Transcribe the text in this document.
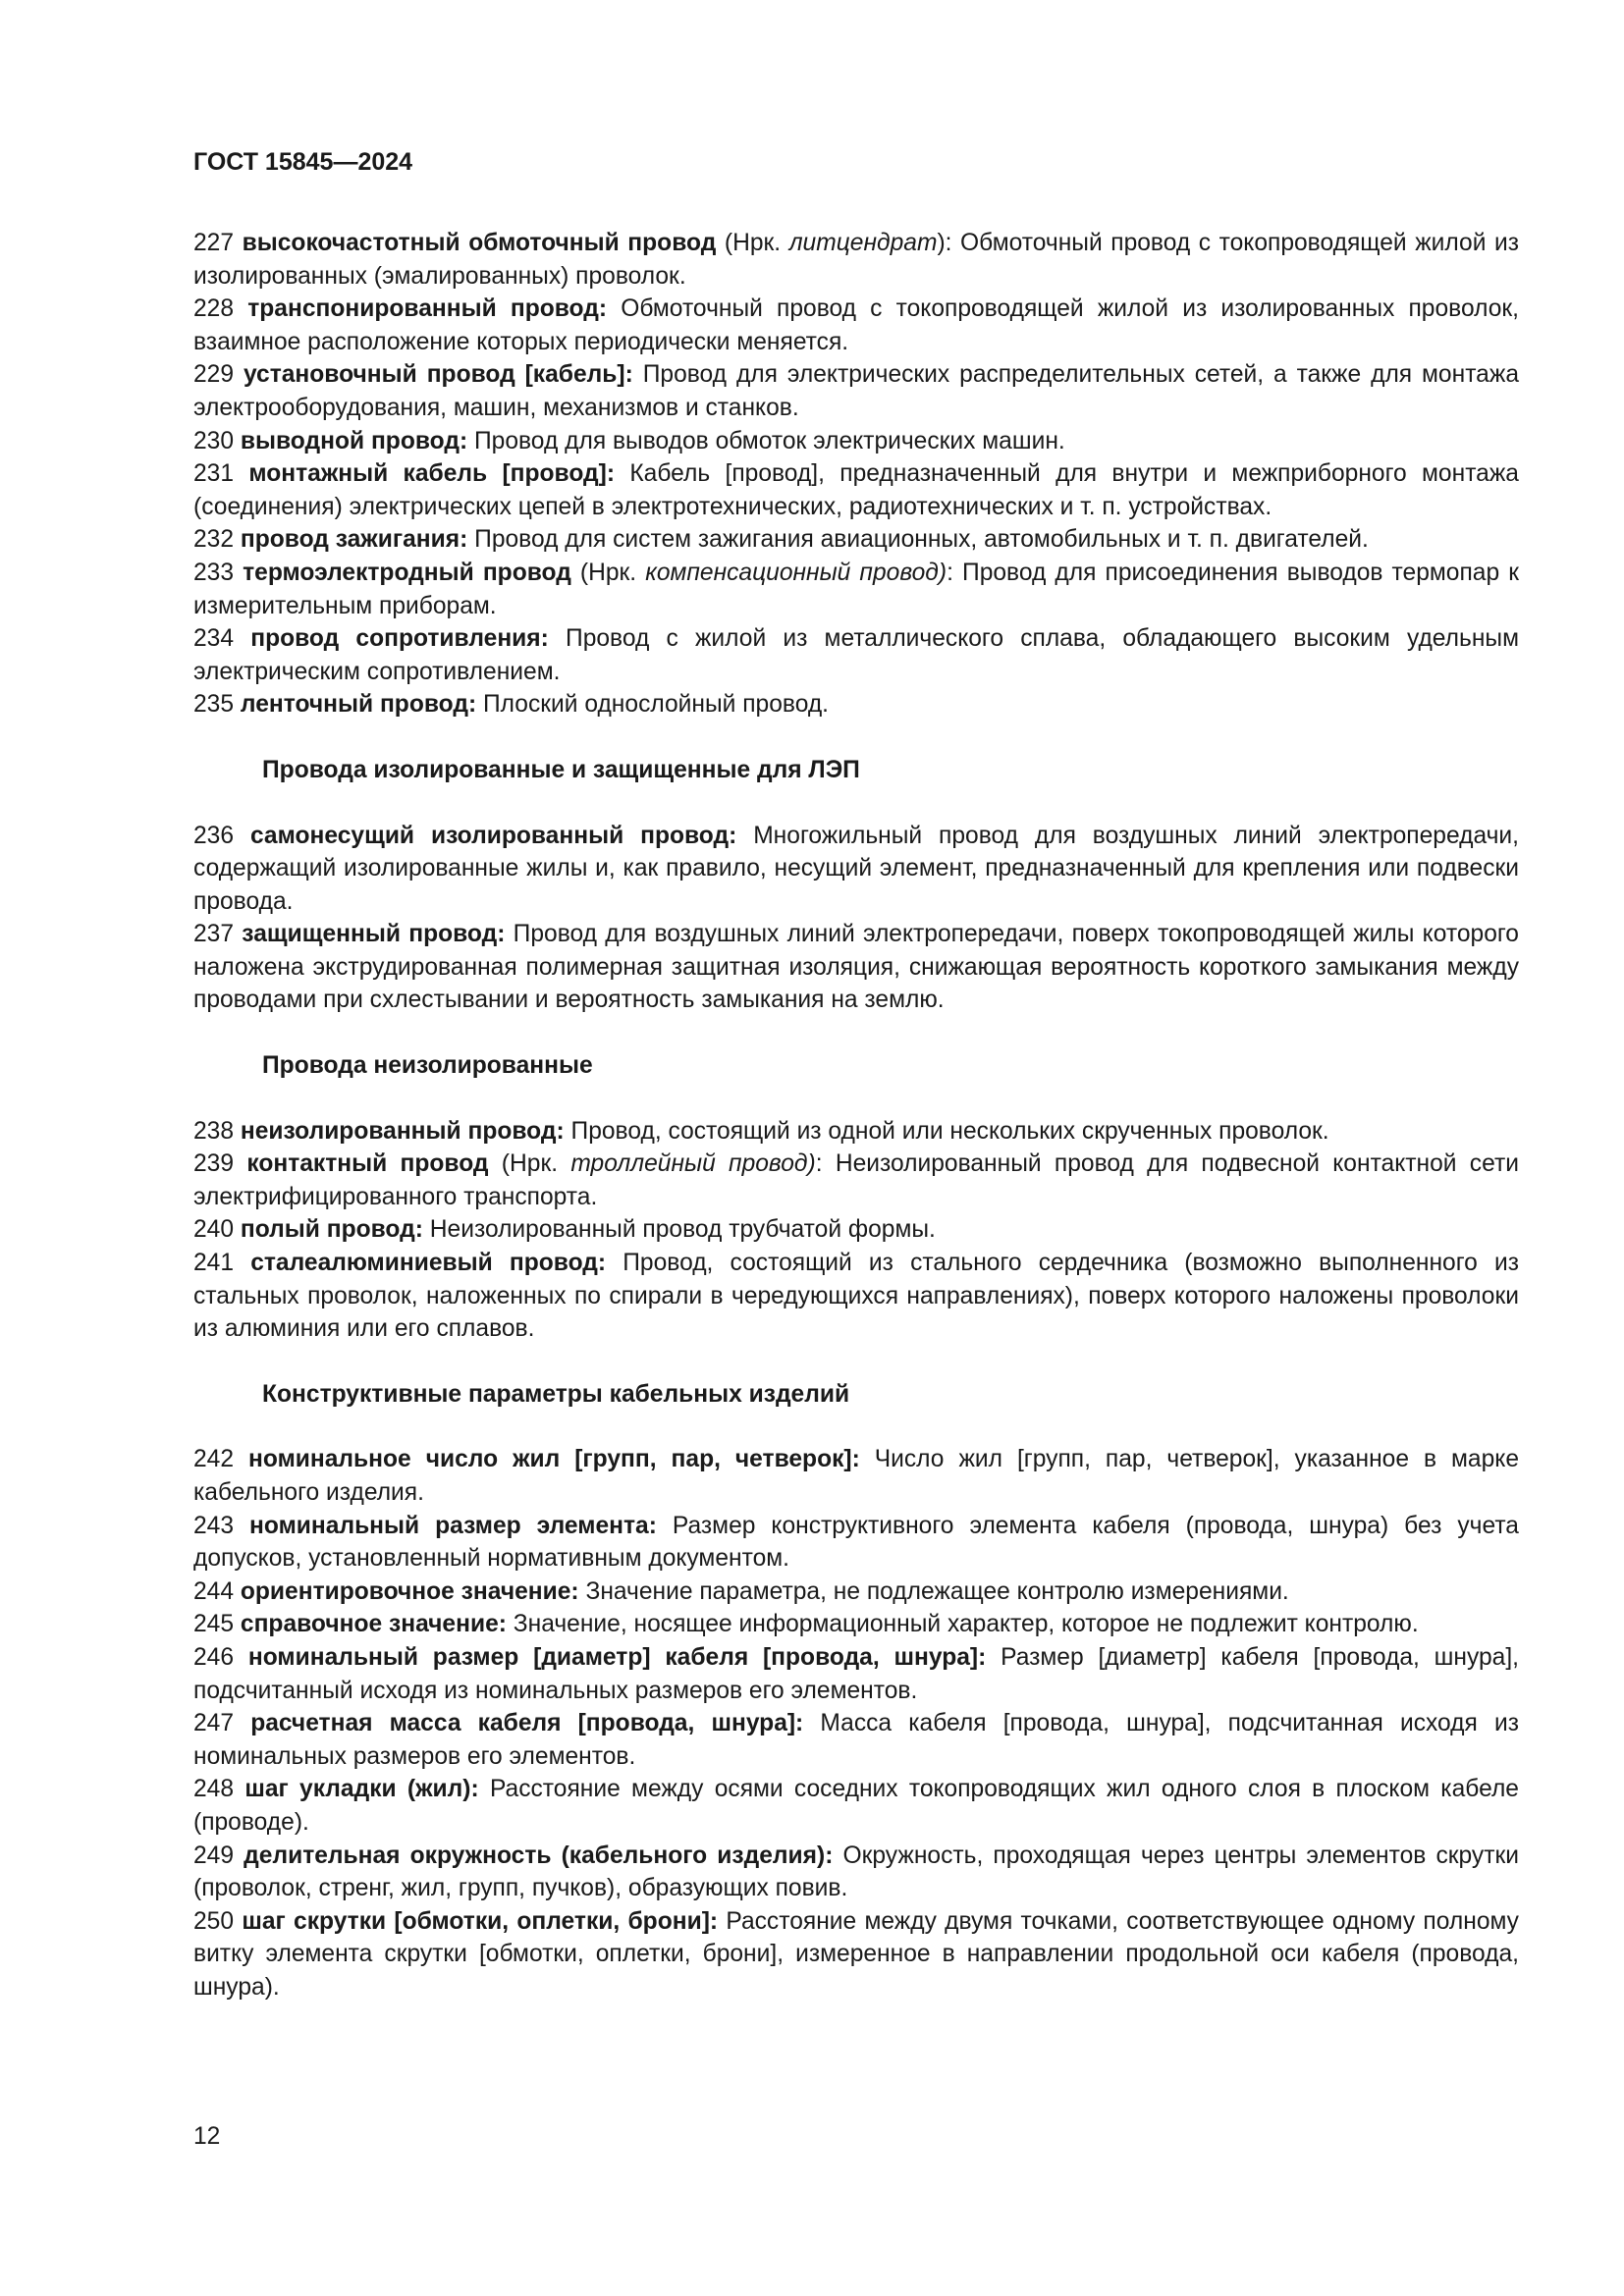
ГОСТ 15845—2024

227 высокочастотный обмоточный провод (Нрк. литцендрат): Обмоточный провод с токопроводящей жилой из изолированных (эмалированных) проволок.

228 транспонированный провод: Обмоточный провод с токопроводящей жилой из изолированных проволок, взаимное расположение которых периодически меняется.

229 установочный провод [кабель]: Провод для электрических распределительных сетей, а также для монтажа электрооборудования, машин, механизмов и станков.

230 выводной провод: Провод для выводов обмоток электрических машин.

231 монтажный кабель [провод]: Кабель [провод], предназначенный для внутри и межприборного монтажа (соединения) электрических цепей в электротехнических, радиотехнических и т. п. устройствах.

232 провод зажигания: Провод для систем зажигания авиационных, автомобильных и т. п. двигателей.

233 термоэлектродный провод (Нрк. компенсационный провод): Провод для присоединения выводов термопар к измерительным приборам.

234 провод сопротивления: Провод с жилой из металлического сплава, обладающего высоким удельным электрическим сопротивлением.

235 ленточный провод: Плоский однослойный провод.

Провода изолированные и защищенные для ЛЭП

236 самонесущий изолированный провод: Многожильный провод для воздушных линий электропередачи, содержащий изолированные жилы и, как правило, несущий элемент, предназначенный для крепления или подвески провода.

237 защищенный провод: Провод для воздушных линий электропередачи, поверх токопроводящей жилы которого наложена экструдированная полимерная защитная изоляция, снижающая вероятность короткого замыкания между проводами при схлестывании и вероятность замыкания на землю.

Провода неизолированные

238 неизолированный провод: Провод, состоящий из одной или нескольких скрученных проволок.

239 контактный провод (Нрк. троллейный провод): Неизолированный провод для подвесной контактной сети электрифицированного транспорта.

240 полый провод: Неизолированный провод трубчатой формы.

241 сталеалюминиевый провод: Провод, состоящий из стального сердечника (возможно выполненного из стальных проволок, наложенных по спирали в чередующихся направлениях), поверх которого наложены проволоки из алюминия или его сплавов.

Конструктивные параметры кабельных изделий

242 номинальное число жил [групп, пар, четверок]: Число жил [групп, пар, четверок], указанное в марке кабельного изделия.

243 номинальный размер элемента: Размер конструктивного элемента кабеля (провода, шнура) без учета допусков, установленный нормативным документом.

244 ориентировочное значение: Значение параметра, не подлежащее контролю измерениями.

245 справочное значение: Значение, носящее информационный характер, которое не подлежит контролю.

246 номинальный размер [диаметр] кабеля [провода, шнура]: Размер [диаметр] кабеля [провода, шнура], подсчитанный исходя из номинальных размеров его элементов.

247 расчетная масса кабеля [провода, шнура]: Масса кабеля [провода, шнура], подсчитанная исходя из номинальных размеров его элементов.

248 шаг укладки (жил): Расстояние между осями соседних токопроводящих жил одного слоя в плоском кабеле (проводе).

249 делительная окружность (кабельного изделия): Окружность, проходящая через центры элементов скрутки (проволок, стренг, жил, групп, пучков), образующих повив.

250 шаг скрутки [обмотки, оплетки, брони]: Расстояние между двумя точками, соответствующее одному полному витку элемента скрутки [обмотки, оплетки, брони], измеренное в направлении продольной оси кабеля (провода, шнура).

12
